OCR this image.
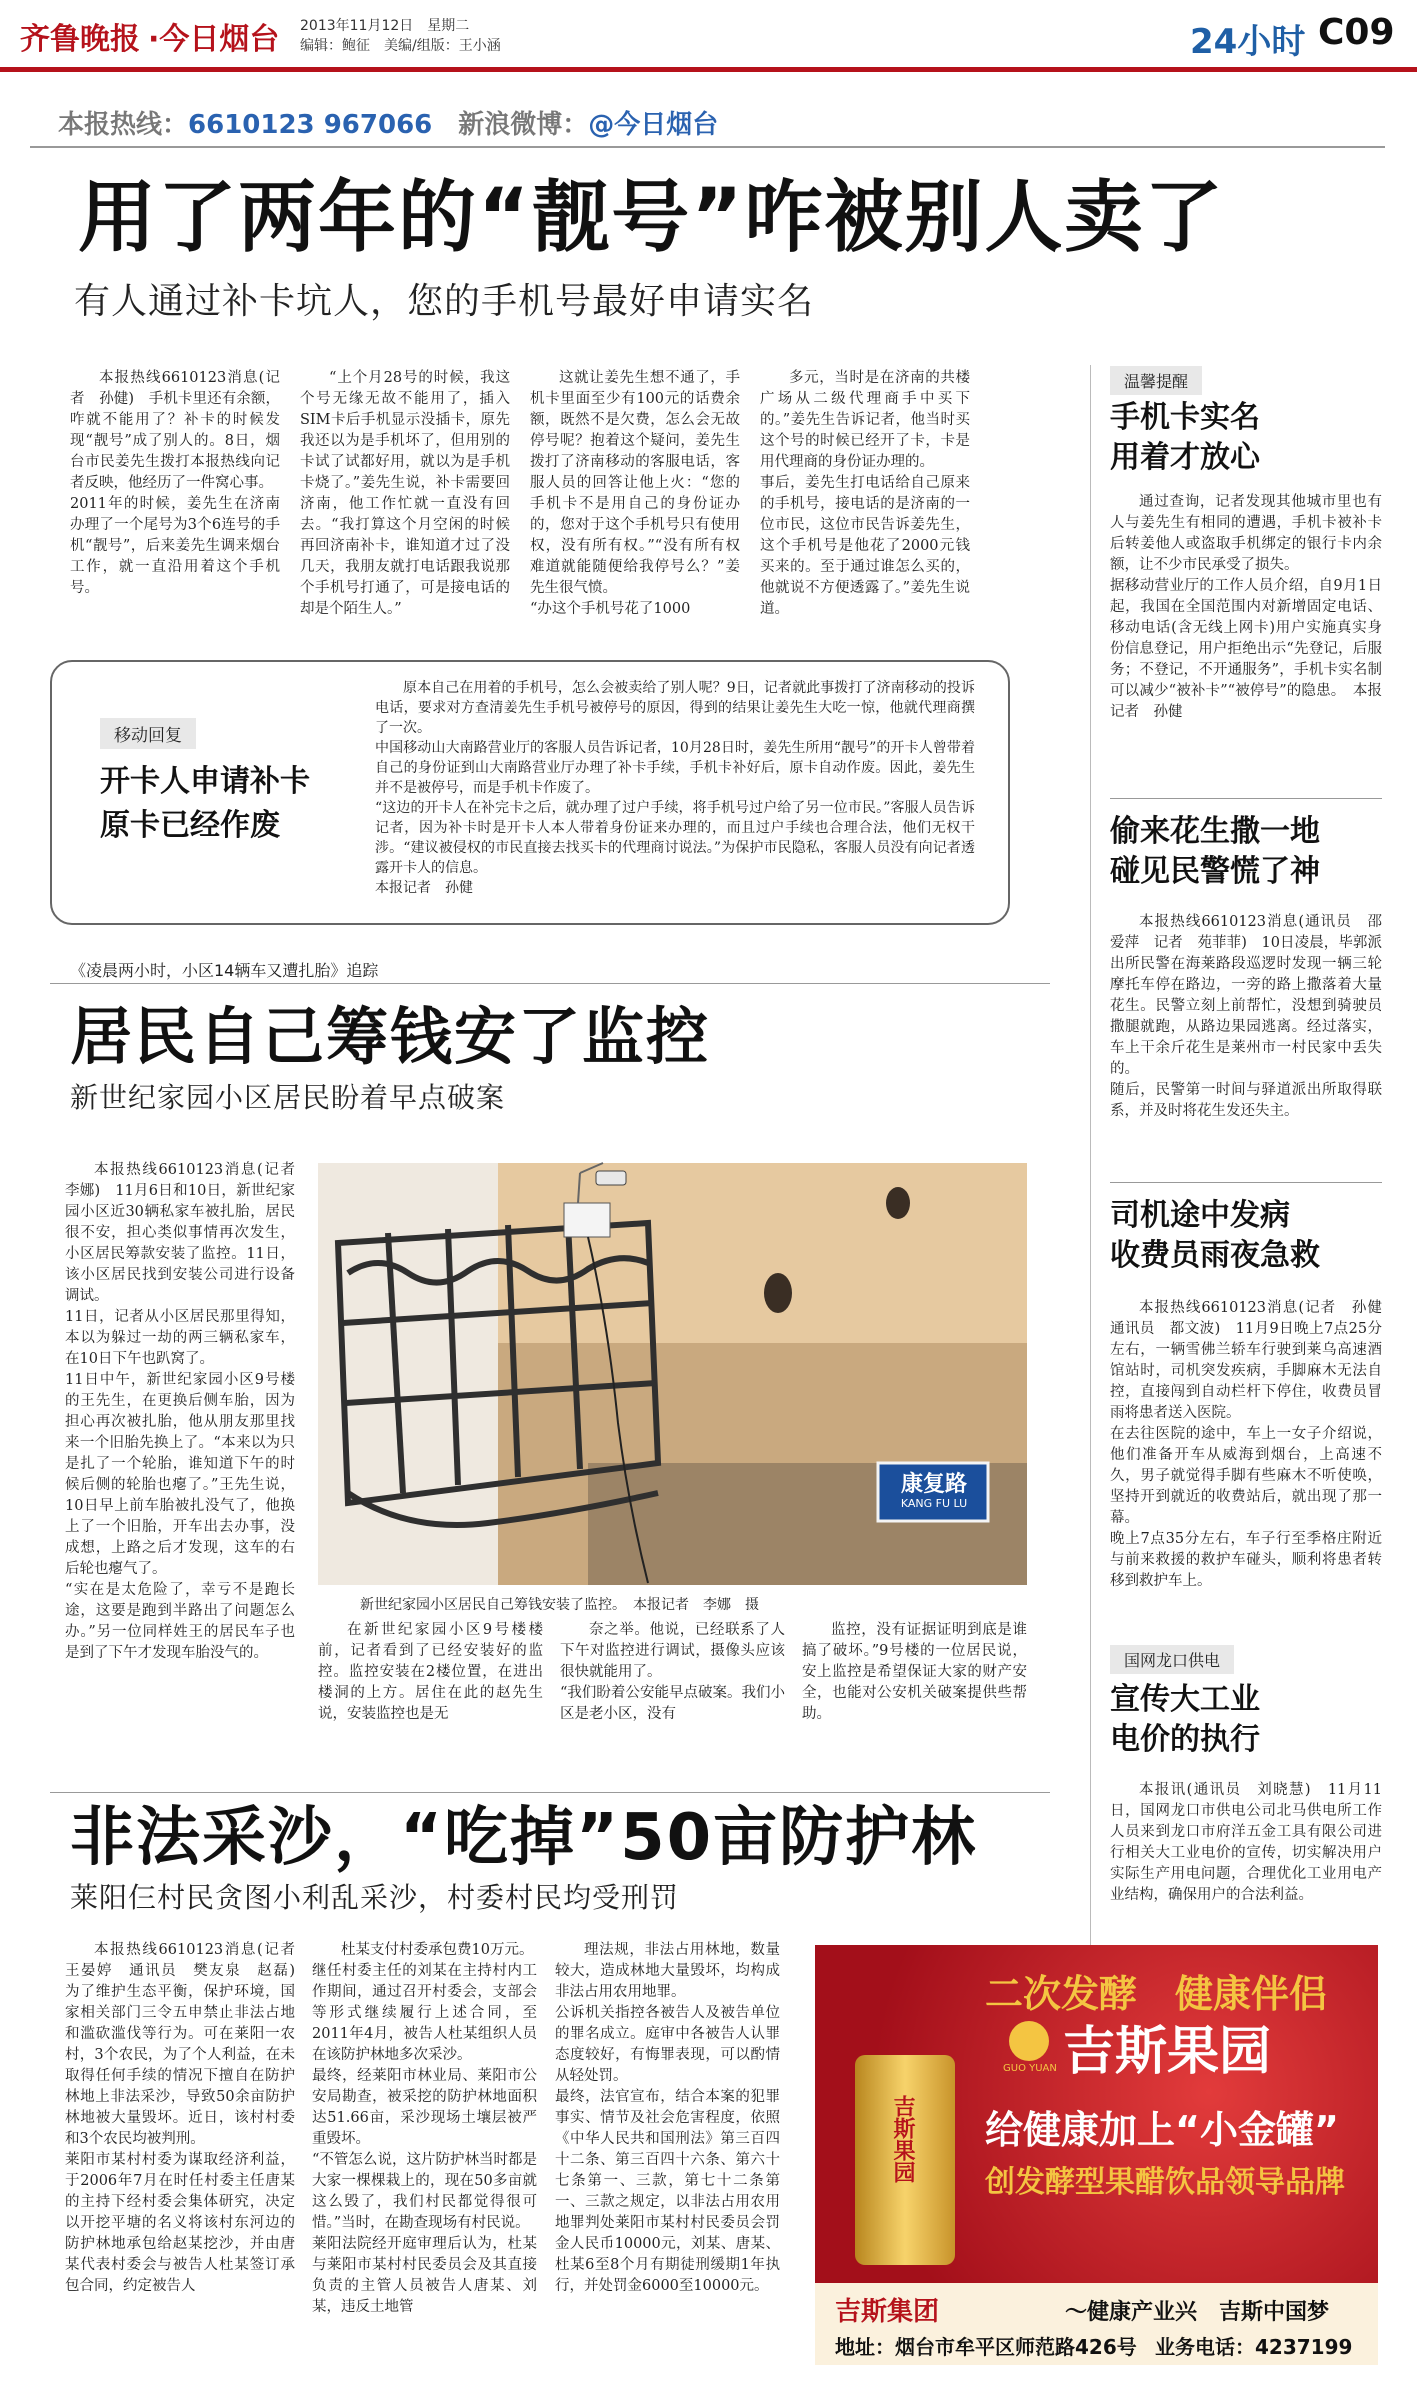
齐鲁晚报 ·今日烟台 2013年11月12日　星期二
编辑：鲍征　美编/组版：王小涵	24小时 C09
本报热线：6610123 967066 新浪微博：@今日烟台
用了两年的“靓号”咋被别人卖了
有人通过补卡坑人，您的手机号最好申请实名

本报热线6610123消息(记者　孙健)　手机卡里还有余额，咋就不能用了？补卡的时候发现“靓号”成了别人的。8日，烟台市民姜先生拨打本报热线向记者反映，他经历了一件窝心事。
2011年的时候，姜先生在济南办理了一个尾号为3个6连号的手机“靓号”，后来姜先生调来烟台工作，就一直沿用着这个手机号。

“上个月28号的时候，我这个号无缘无故不能用了，插入SIM卡后手机显示没插卡，原先我还以为是手机坏了，但用别的卡试了试都好用，就以为是手机卡烧了。”姜先生说，补卡需要回济南，他工作忙就一直没有回去。“我打算这个月空闲的时候再回济南补卡，谁知道才过了没几天，我朋友就打电话跟我说那个手机号打通了，可是接电话的却是个陌生人。”

这就让姜先生想不通了，手机卡里面至少有100元的话费余额，既然不是欠费，怎么会无故停号呢？抱着这个疑问，姜先生拨打了济南移动的客服电话，客服人员的回答让他上火：“您的手机卡不是用自己的身份证办的，您对于这个手机号只有使用权，没有所有权。”“没有所有权难道就能随便给我停号么？”姜先生很气愤。
“办这个手机号花了1000

多元，当时是在济南的共楼广场从二级代理商手中买下的。”姜先生告诉记者，他当时买这个号的时候已经开了卡，卡是用代理商的身份证办理的。
事后，姜先生打电话给自己原来的手机号，接电话的是济南的一位市民，这位市民告诉姜先生，这个手机号是他花了2000元钱买来的。至于通过谁怎么买的，他就说不方便透露了。”姜先生说道。

移动回复
开卡人申请补卡
原卡已经作废

原本自己在用着的手机号，怎么会被卖给了别人呢？9日，记者就此事拨打了济南移动的投诉电话，要求对方查清姜先生手机号被停号的原因，得到的结果让姜先生大吃一惊，他就代理商撰了一次。
中国移动山大南路营业厅的客服人员告诉记者，10月28日时，姜先生所用“靓号”的开卡人曾带着自己的身份证到山大南路营业厅办理了补卡手续，手机卡补好后，原卡自动作废。因此，姜先生并不是被停号，而是手机卡作废了。
“这边的开卡人在补完卡之后，就办理了过户手续，将手机号过户给了另一位市民。”客服人员告诉记者，因为补卡时是开卡人本人带着身份证来办理的，而且过户手续也合理合法，他们无权干涉。“建议被侵权的市民直接去找买卡的代理商讨说法。”为保护市民隐私，客服人员没有向记者透露开卡人的信息。
本报记者　孙健

温馨提醒
手机卡实名
用着才放心

通过查询，记者发现其他城市里也有人与姜先生有相同的遭遇，手机卡被补卡后转姜他人或盗取手机绑定的银行卡内余额，让不少市民承受了损失。
据移动营业厅的工作人员介绍，自9月1日起，我国在全国范围内对新增固定电话、移动电话(含无线上网卡)用户实施真实身份信息登记，用户拒绝出示“先登记，后服务；不登记，不开通服务”，手机卡实名制可以减少“被补卡”“被停号”的隐患。　本报记者　孙健

偷来花生撒一地
碰见民警慌了神

本报热线6610123消息(通讯员　邵爱萍　记者　苑菲菲)　10日凌晨，毕郭派出所民警在海莱路段巡逻时发现一辆三轮摩托车停在路边，一旁的路上撒落着大量花生。民警立刻上前帮忙，没想到骑驶员撒腿就跑，从路边果园逃离。经过落实，车上干余斤花生是莱州市一村民家中丢失的。
随后，民警第一时间与驿道派出所取得联系，并及时将花生发还失主。

司机途中发病
收费员雨夜急救

本报热线6610123消息(记者　孙健　通讯员　都文波)　11月9日晚上7点25分左右，一辆雪佛兰轿车行驶到莱乌高速酒馆站时，司机突发疾病，手脚麻木无法自控，直接闯到自动栏杆下停住，收费员冒雨将患者送入医院。
在去往医院的途中，车上一女子介绍说，他们准备开车从威海到烟台，上高速不久，男子就觉得手脚有些麻木不听使唤，坚持开到就近的收费站后，就出现了那一幕。
晚上7点35分左右，车子行至季格庄附近与前来救援的救护车碰头，顺利将患者转移到救护车上。

国网龙口供电
宣传大工业
电价的执行

本报讯(通讯员　刘晓慧)　11月11日，国网龙口市供电公司北马供电所工作人员来到龙口市府洋五金工具有限公司进行相关大工业电价的宣传，切实解决用户实际生产用电问题，合理优化工业用电产业结构，确保用户的合法利益。

《凌晨两小时，小区14辆车又遭扎胎》追踪
居民自己筹钱安了监控
新世纪家园小区居民盼着早点破案

本报热线6610123消息(记者　李娜)　11月6日和10日，新世纪家园小区近30辆私家车被扎胎，居民很不安，担心类似事情再次发生，小区居民筹款安装了监控。11日，该小区居民找到安装公司进行设备调试。
11日，记者从小区居民那里得知，本以为躲过一劫的两三辆私家车，在10日下午也趴窝了。
11日中午，新世纪家园小区9号楼的王先生，在更换后侧车胎，因为担心再次被扎胎，他从朋友那里找来一个旧胎先换上了。“本来以为只是扎了一个轮胎，谁知道下午的时候后侧的轮胎也瘪了。”王先生说，10日早上前车胎被扎没气了，他换上了一个旧胎，开车出去办事，没成想，上路之后才发现，这车的右后轮也瘪气了。
“实在是太危险了，幸亏不是跑长途，这要是跑到半路出了问题怎么办。”另一位同样姓王的居民车子也是到了下午才发现车胎没气的。

康复路
KANG FU LU
新世纪家园小区居民自己筹钱安装了监控。　本报记者　李娜　摄

在新世纪家园小区9号楼楼前，记者看到了已经安装好的监控。监控安装在2楼位置，在进出楼洞的上方。居住在此的赵先生说，安装监控也是无

奈之举。他说，已经联系了人下午对监控进行调试，摄像头应该很快就能用了。
“我们盼着公安能早点破案。我们小区是老小区，没有

监控，没有证据证明到底是谁搞了破坏。”9号楼的一位居民说，安上监控是希望保证大家的财产安全，也能对公安机关破案提供些帮助。

非法采沙，“吃掉”50亩防护林
莱阳仨村民贪图小利乱采沙，村委村民均受刑罚

本报热线6610123消息(记者　王晏婷　通讯员　樊友泉　赵磊)　为了维护生态平衡，保护环境，国家相关部门三令五申禁止非法占地和滥砍滥伐等行为。可在莱阳一农村，3个农民，为了个人利益，在未取得任何手续的情况下擅自在防护林地上非法采沙，导致50余亩防护林地被大量毁坏。近日，该村村委和3个农民均被判刑。
莱阳市某村村委为谋取经济利益，于2006年7月在时任村委主任唐某的主持下经村委会集体研究，决定以开挖平塘的名义将该村东河边的防护林地承包给赵某挖沙，并由唐某代表村委会与被告人杜某签订承包合同，约定被告人

杜某支付村委承包费10万元。
继任村委主任的刘某在主持村内工作期间，通过召开村委会，支部会等形式继续履行上述合同，至2011年4月，被告人杜某组织人员在该防护林地多次采沙。
最终，经莱阳市林业局、莱阳市公安局勘查，被采挖的防护林地面积达51.66亩，采沙现场土壤层被严重毁坏。
“不管怎么说，这片防护林当时都是大家一棵棵栽上的，现在50多亩就这么毁了，我们村民都觉得很可惜。”当时，在勘查现场有村民说。
莱阳法院经开庭审理后认为，杜某与莱阳市某村村民委员会及其直接负责的主管人员被告人唐某、刘某，违反土地管

理法规，非法占用林地，数量较大，造成林地大量毁坏，均构成非法占用农用地罪。
公诉机关指控各被告人及被告单位的罪名成立。庭审中各被告人认罪态度较好，有悔罪表现，可以酌情从轻处罚。
最终，法官宣布，结合本案的犯罪事实、情节及社会危害程度，依照《中华人民共和国刑法》第三百四十二条、第三百四十六条、第六十七条第一、三款，第七十二条第一、三款之规定，以非法占用农用地罪判处莱阳市某村村民委员会罚金人民币10000元，刘某、唐某、杜某6至8个月有期徒刑缓期1年执行，并处罚金6000至10000元。

二次发酵　健康伴侣
GUO YUAN 吉斯果园
吉斯果园 给健康加上“小金罐”
创发酵型果醋饮品领导品牌
吉斯集团	～健康产业兴　吉斯中国梦
地址：烟台市牟平区师范路426号 业务电话：4237199
